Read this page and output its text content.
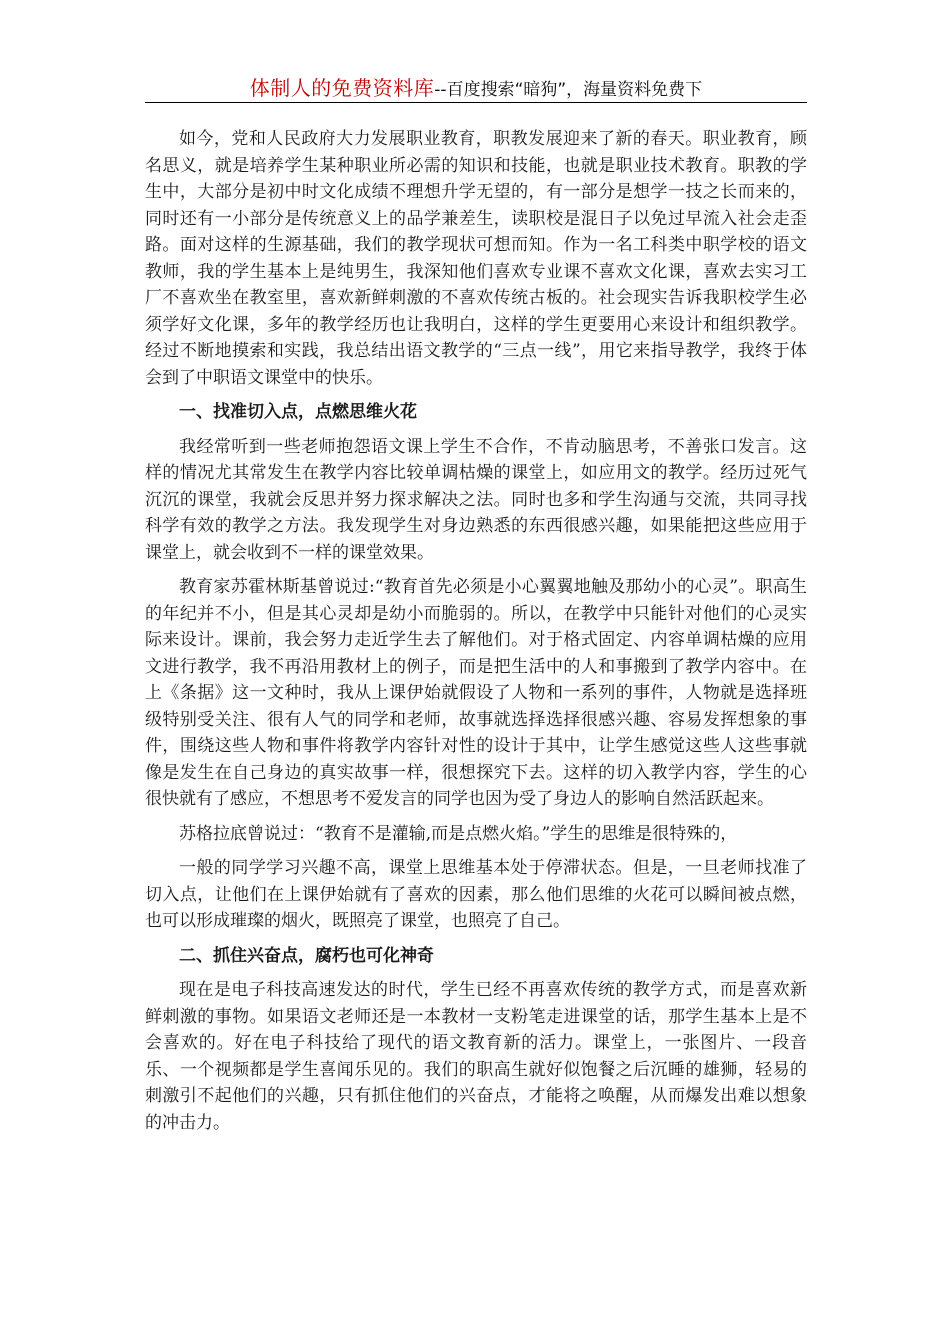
体制人的免费资料库--百度搜索“暗狗”，海量资料免费下

如今，党和人民政府大力发展职业教育，职教发展迎来了新的春天。职业教育，顾名思义，就是培养学生某种职业所必需的知识和技能，也就是职业技术教育。职教的学生中，大部分是初中时文化成绩不理想升学无望的，有一部分是想学一技之长而来的，同时还有一小部分是传统意义上的品学兼差生，读职校是混日子以免过早流入社会走歪路。面对这样的生源基础，我们的教学现状可想而知。作为一名工科类中职学校的语文教师，我的学生基本上是纯男生，我深知他们喜欢专业课不喜欢文化课，喜欢去实习工厂不喜欢坐在教室里，喜欢新鲜刺激的不喜欢传统古板的。社会现实告诉我职校学生必须学好文化课，多年的教学经历也让我明白，这样的学生更要用心来设计和组织教学。经过不断地摸索和实践，我总结出语文教学的“三点一线”，用它来指导教学，我终于体会到了中职语文课堂中的快乐。

一、找准切入点，点燃思维火花

我经常听到一些老师抱怨语文课上学生不合作，不肯动脑思考，不善张口发言。这样的情况尤其常发生在教学内容比较单调枯燥的课堂上，如应用文的教学。经历过死气沉沉的课堂，我就会反思并努力探求解决之法。同时也多和学生沟通与交流，共同寻找科学有效的教学之方法。我发现学生对身边熟悉的东西很感兴趣，如果能把这些应用于课堂上，就会收到不一样的课堂效果。

教育家苏霍林斯基曾说过:“教育首先必须是小心翼翼地触及那幼小的心灵”。职高生的年纪并不小，但是其心灵却是幼小而脆弱的。所以，在教学中只能针对他们的心灵实际来设计。课前，我会努力走近学生去了解他们。对于格式固定、内容单调枯燥的应用文进行教学，我不再沿用教材上的例子，而是把生活中的人和事搬到了教学内容中。在上《条据》这一文种时，我从上课伊始就假设了人物和一系列的事件，人物就是选择班级特别受关注、很有人气的同学和老师，故事就选择选择很感兴趣、容易发挥想象的事件，围绕这些人物和事件将教学内容针对性的设计于其中，让学生感觉这些人这些事就像是发生在自己身边的真实故事一样，很想探究下去。这样的切入教学内容，学生的心很快就有了感应，不想思考不爱发言的同学也因为受了身边人的影响自然活跃起来。

苏格拉底曾说过：“教育不是灌输,而是点燃火焰。”学生的思维是很特殊的，

一般的同学学习兴趣不高，课堂上思维基本处于停滞状态。但是，一旦老师找准了切入点，让他们在上课伊始就有了喜欢的因素，那么他们思维的火花可以瞬间被点燃，也可以形成璀璨的烟火，既照亮了课堂，也照亮了自己。

二、抓住兴奋点，腐朽也可化神奇

现在是电子科技高速发达的时代，学生已经不再喜欢传统的教学方式，而是喜欢新鲜刺激的事物。如果语文老师还是一本教材一支粉笔走进课堂的话，那学生基本上是不会喜欢的。好在电子科技给了现代的语文教育新的活力。课堂上，一张图片、一段音乐、一个视频都是学生喜闻乐见的。我们的职高生就好似饱餐之后沉睡的雄狮，轻易的刺激引不起他们的兴趣，只有抓住他们的兴奋点，才能将之唤醒，从而爆发出难以想象的冲击力。
